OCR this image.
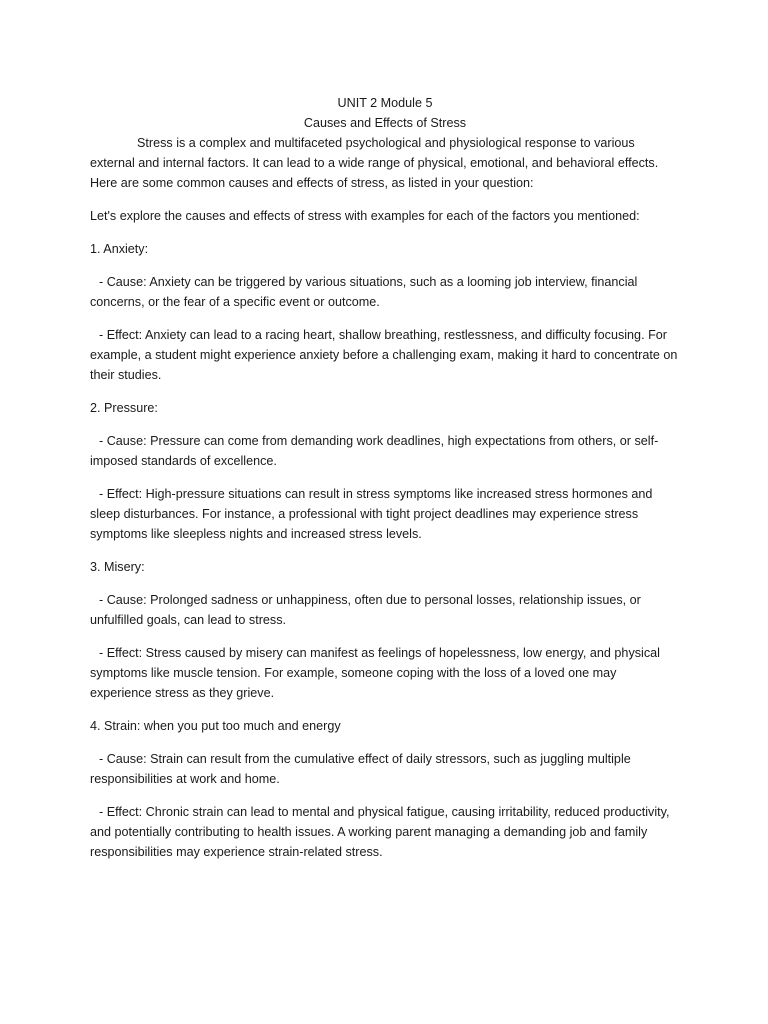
UNIT 2 Module 5

Causes and Effects of Stress

Stress is a complex and multifaceted psychological and physiological response to various external and internal factors. It can lead to a wide range of physical, emotional, and behavioral effects. Here are some common causes and effects of stress, as listed in your question:

Let's explore the causes and effects of stress with examples for each of the factors you mentioned:

1. Anxiety:

- Cause: Anxiety can be triggered by various situations, such as a looming job interview, financial concerns, or the fear of a specific event or outcome.

- Effect: Anxiety can lead to a racing heart, shallow breathing, restlessness, and difficulty focusing. For example, a student might experience anxiety before a challenging exam, making it hard to concentrate on their studies.

2. Pressure:

- Cause: Pressure can come from demanding work deadlines, high expectations from others, or self-imposed standards of excellence.

- Effect: High-pressure situations can result in stress symptoms like increased stress hormones and sleep disturbances. For instance, a professional with tight project deadlines may experience stress symptoms like sleepless nights and increased stress levels.

3. Misery:

- Cause: Prolonged sadness or unhappiness, often due to personal losses, relationship issues, or unfulfilled goals, can lead to stress.

- Effect: Stress caused by misery can manifest as feelings of hopelessness, low energy, and physical symptoms like muscle tension. For example, someone coping with the loss of a loved one may experience stress as they grieve.

4. Strain: when you put too much and energy

- Cause: Strain can result from the cumulative effect of daily stressors, such as juggling multiple responsibilities at work and home.

- Effect: Chronic strain can lead to mental and physical fatigue, causing irritability, reduced productivity, and potentially contributing to health issues. A working parent managing a demanding job and family responsibilities may experience strain-related stress.
